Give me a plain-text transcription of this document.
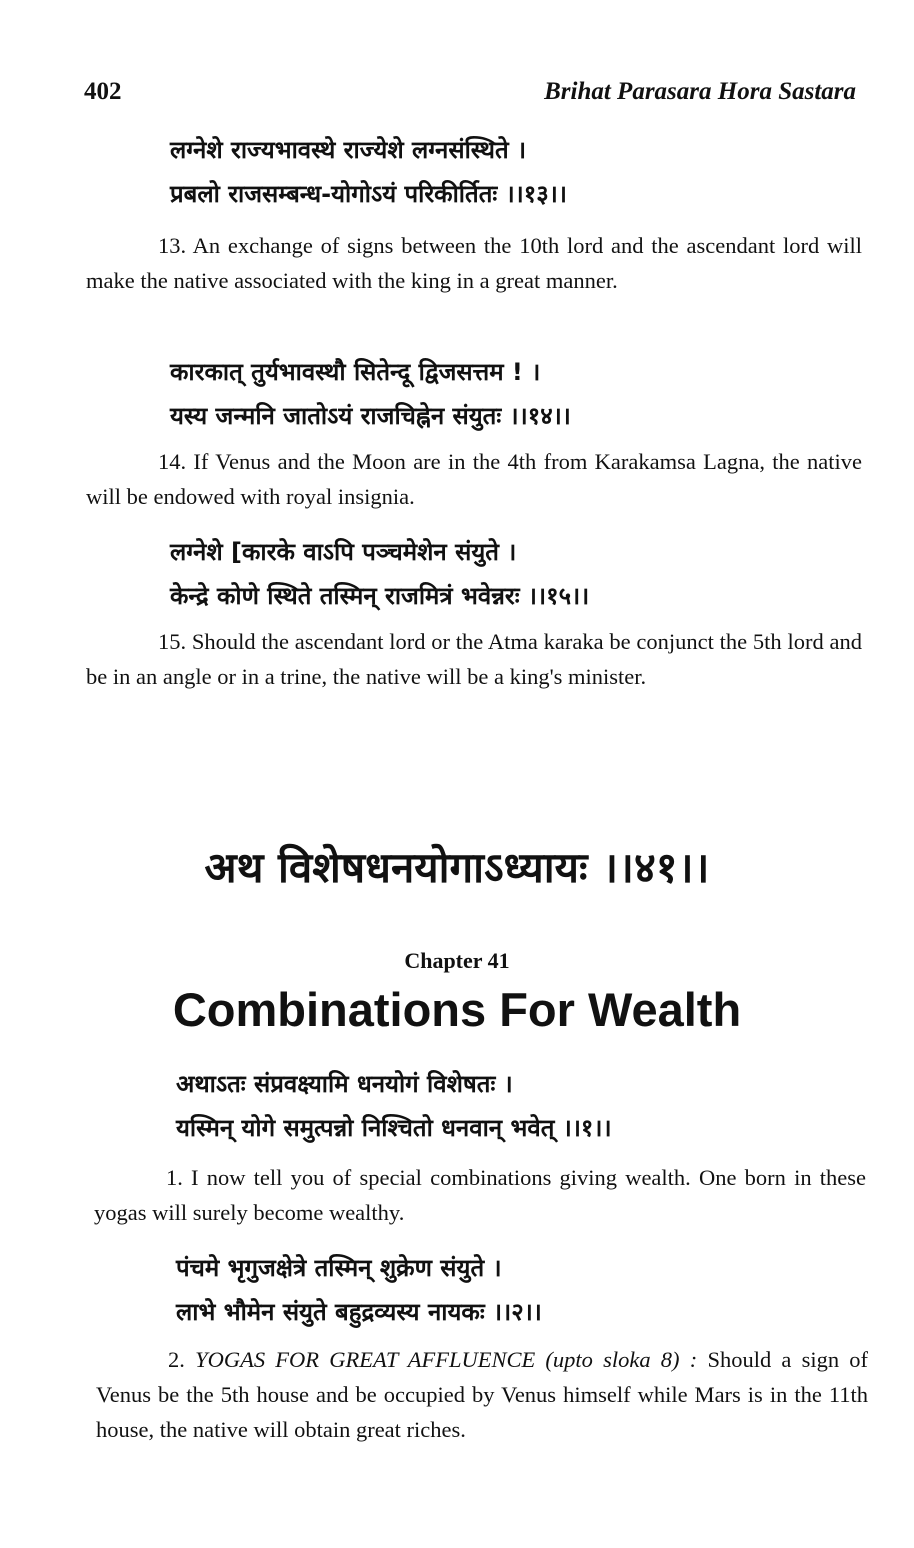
402	Brihat Parasara Hora Sastara
लग्नेशे राज्यभावस्थे राज्येशे लग्नसंस्थिते ।
प्रबलो राजसम्बन्ध-योगोऽयं परिकीर्तितः ।।१३।।
13. An exchange of signs between the 10th lord and the ascendant lord will make the native associated with the king in a great manner.
कारकात् तुर्यभावस्थौ सितेन्दू द्विजसत्तम ! ।
यस्य जन्मनि जातोऽयं राजचिह्नेन संयुतः ।।१४।।
14. If Venus and the Moon are in the 4th from Karakamsa Lagna, the native will be endowed with royal insignia.
लग्नेशे [कारके वाऽपि पञ्चमेशेन संयुते ।
केन्द्रे कोणे स्थिते तस्मिन् राजमित्रं भवेन्नरः ।।१५।।
15. Should the ascendant lord or the Atma karaka be conjunct the 5th lord and be in an angle or in a trine, the native will be a king's minister.
अथ विशेषधनयोगाऽध्यायः ।।४१।।
Chapter 41
Combinations For Wealth
अथाऽतः संप्रवक्ष्यामि धनयोगं विशेषतः ।
यस्मिन् योगे समुत्पन्नो निश्चितो धनवान् भवेत् ।।१।।
1. I now tell you of special combinations giving wealth. One born in these yogas will surely become wealthy.
पंचमे भृगुजक्षेत्रे तस्मिन् शुक्रेण संयुते ।
लाभे भौमेन संयुते बहुद्रव्यस्य नायकः ।।२।।
2. YOGAS FOR GREAT AFFLUENCE (upto sloka 8) : Should a sign of Venus be the 5th house and be occupied by Venus himself while Mars is in the 11th house, the native will obtain great riches.
